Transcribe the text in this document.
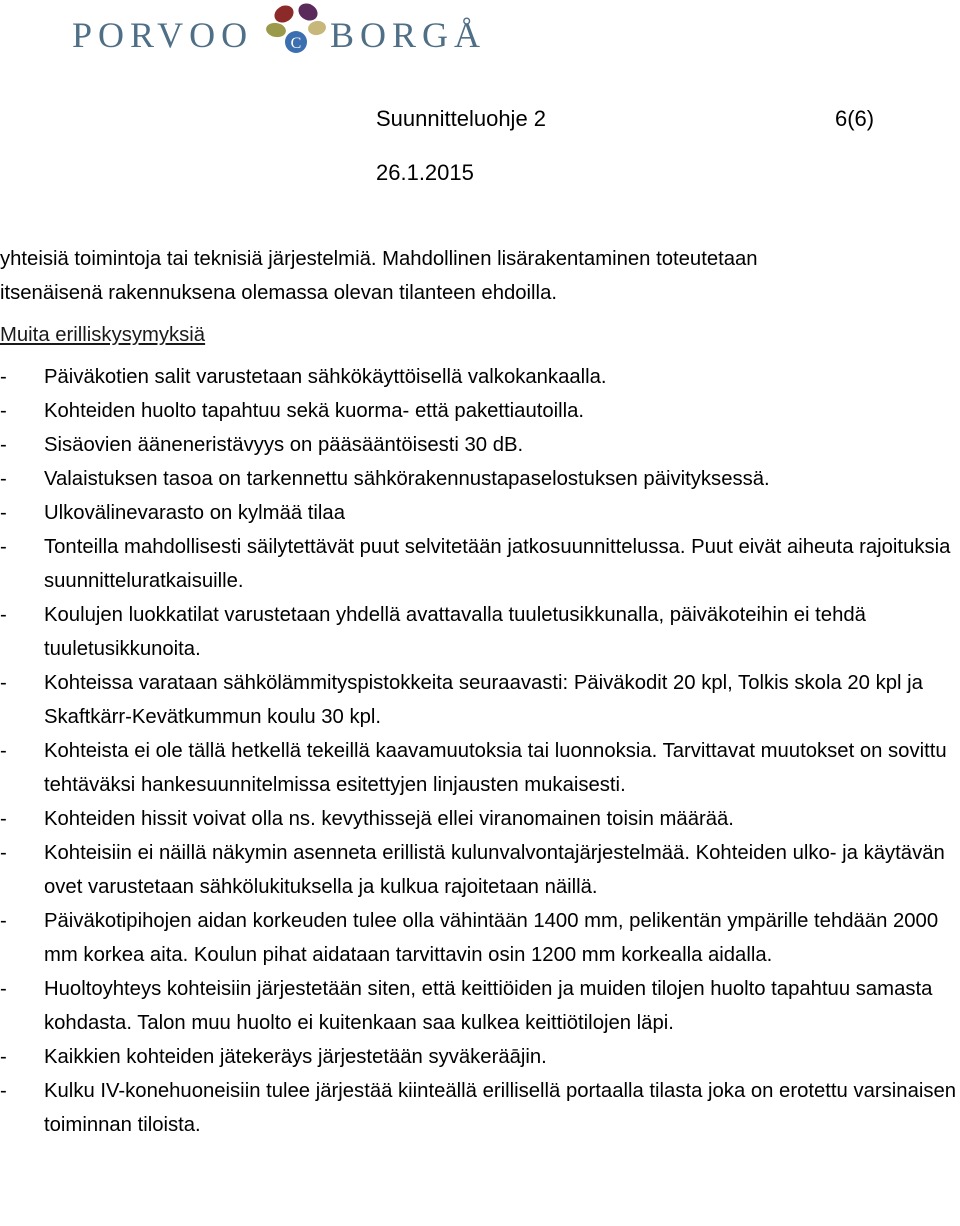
PORVOO C BORGÅ
Suunnitteluohje 2	6(6)
26.1.2015

yhteisiä toimintoja tai teknisiä järjestelmiä. Mahdollinen lisärakentaminen toteutetaan

itsenäisenä rakennuksena olemassa olevan tilanteen ehdoilla.

Muita erilliskysymyksiä

- Päiväkotien salit varustetaan sähkökäyttöisellä valkokankaalla.
- Kohteiden huolto tapahtuu sekä kuorma- että pakettiautoilla.
- Sisäovien ääneneristävyys on pääsääntöisesti 30 dB.
- Valaistuksen tasoa on tarkennettu sähkörakennustapaselostuksen päivityksessä.
- Ulkovälinevarasto on kylmää tilaa
- Tonteilla mahdollisesti säilytettävät puut selvitetään jatkosuunnittelussa. Puut eivät aiheuta rajoituksia suunnitteluratkaisuille.
- Koulujen luokkatilat varustetaan yhdellä avattavalla tuuletusikkunalla, päiväkoteihin ei tehdä tuuletusikkunoita.
- Kohteissa varataan sähkölämmityspistokkeita seuraavasti: Päiväkodit 20 kpl, Tolkis skola 20 kpl ja Skaftkärr-Kevätkummun koulu 30 kpl.
- Kohteista ei ole tällä hetkellä tekeillä kaavamuutoksia tai luonnoksia. Tarvittavat muutokset on sovittu tehtäväksi hankesuunnitelmissa esitettyjen linjausten mukaisesti.
- Kohteiden hissit voivat olla ns. kevythissejä ellei viranomainen toisin määrää.
- Kohteisiin ei näillä näkymin asenneta erillistä kulunvalvontajärjestelmää. Kohteiden ulko- ja käytävän ovet varustetaan sähkölukituksella ja kulkua rajoitetaan näillä.
- Päiväkotipihojen aidan korkeuden tulee olla vähintään 1400 mm, pelikentän ympärille tehdään 2000 mm korkea aita. Koulun pihat aidataan tarvittavin osin 1200 mm korkealla aidalla.
- Huoltoyhteys kohteisiin järjestetään siten, että keittiöiden ja muiden tilojen huolto tapahtuu samasta kohdasta. Talon muu huolto ei kuitenkaan saa kulkea keittiötilojen läpi.
- Kaikkien kohteiden jätekeräys järjestetään syväkeräājin.
- Kulku IV-konehuoneisiin tulee järjestää kiinteällä erillisellä portaalla tilasta joka on erotettu varsinaisen toiminnan tiloista.
